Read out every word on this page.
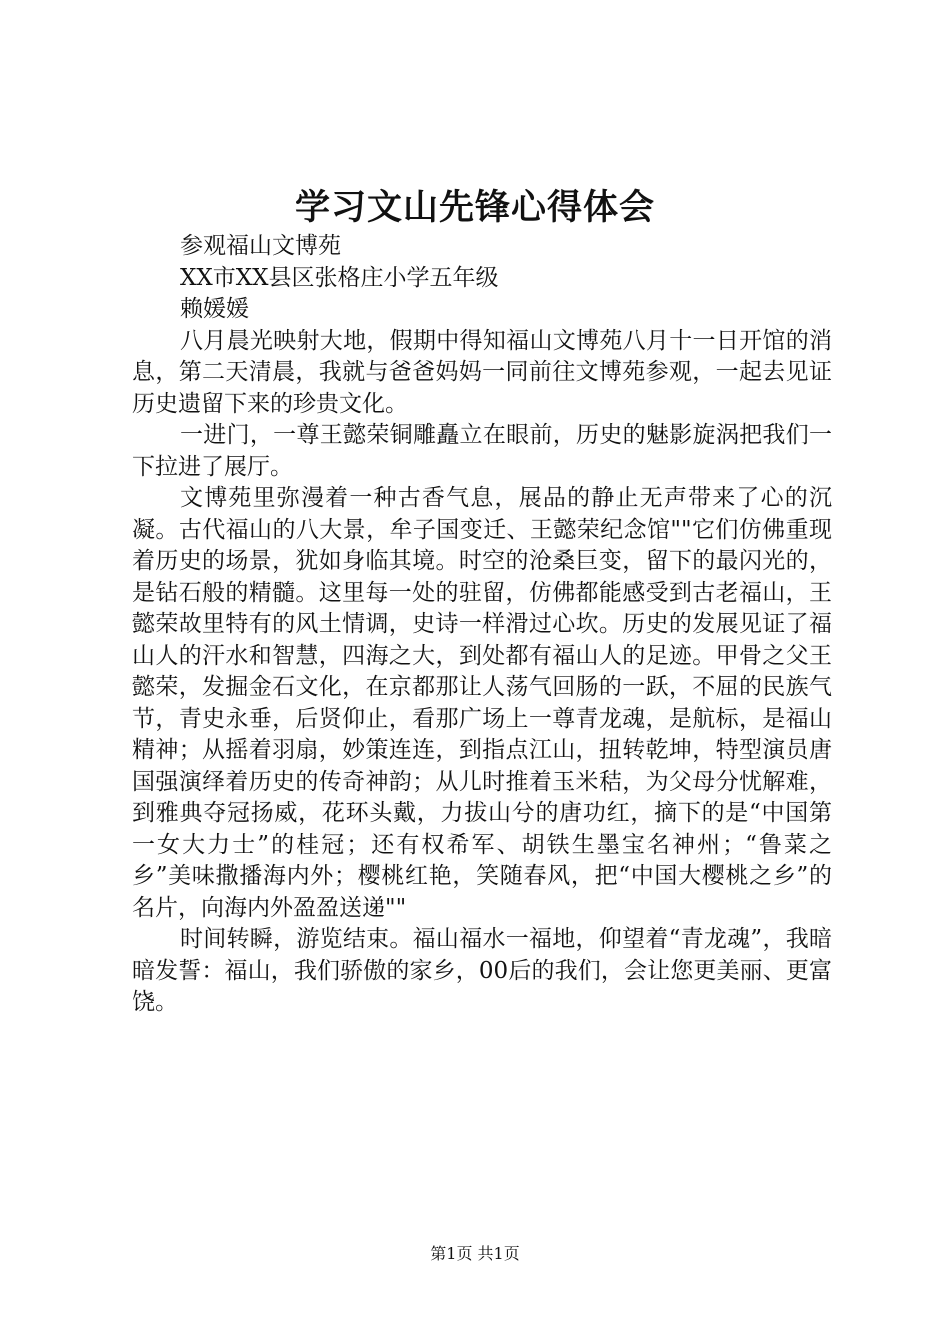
学习文山先锋心得体会

参观福山文博苑

XX市XX县区张格庄小学五年级

赖媛媛

八月晨光映射大地，假期中得知福山文博苑八月十一日开馆的消息，第二天清晨，我就与爸爸妈妈一同前往文博苑参观，一起去见证历史遗留下来的珍贵文化。

一进门，一尊王懿荣铜雕矗立在眼前，历史的魅影旋涡把我们一下拉进了展厅。

文博苑里弥漫着一种古香气息，展品的静止无声带来了心的沉凝。古代福山的八大景，牟子国变迁、王懿荣纪念馆""它们仿佛重现着历史的场景，犹如身临其境。时空的沧桑巨变，留下的最闪光的，是钻石般的精髓。这里每一处的驻留，仿佛都能感受到古老福山，王懿荣故里特有的风土情调，史诗一样滑过心坎。历史的发展见证了福山人的汗水和智慧，四海之大，到处都有福山人的足迹。甲骨之父王懿荣，发掘金石文化，在京都那让人荡气回肠的一跃，不屈的民族气节，青史永垂，后贤仰止，看那广场上一尊青龙魂，是航标，是福山精神；从摇着羽扇，妙策连连，到指点江山，扭转乾坤，特型演员唐国强演绎着历史的传奇神韵；从儿时推着玉米秸，为父母分忧解难，到雅典夺冠扬威，花环头戴，力拔山兮的唐功红，摘下的是“中国第一女大力士”的桂冠；还有权希军、胡铁生墨宝名神州；“鲁菜之乡”美味撒播海内外；樱桃红艳，笑随春风，把“中国大樱桃之乡”的名片，向海内外盈盈送递""

时间转瞬，游览结束。福山福水一福地，仰望着“青龙魂”，我暗暗发誓：福山，我们骄傲的家乡，00后的我们，会让您更美丽、更富饶。

第1页 共1页
